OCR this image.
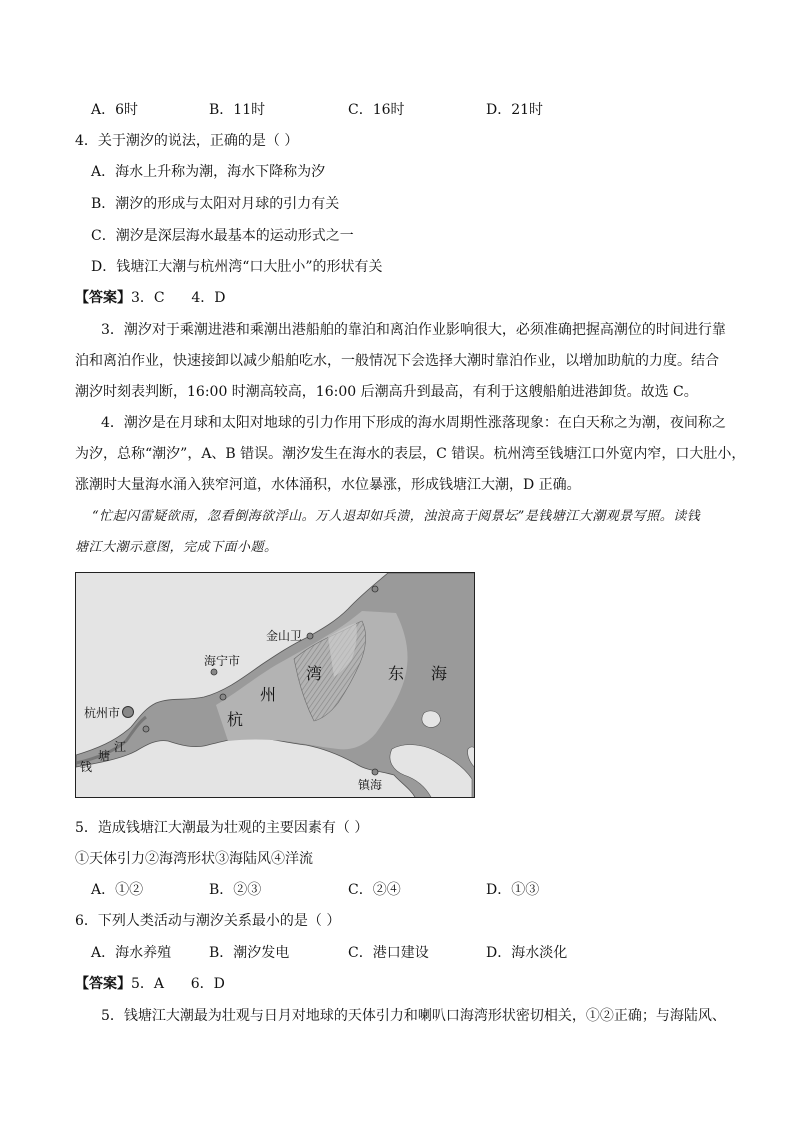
A．6时	B．11时	C．16时	D．21时
4．关于潮汐的说法，正确的是（ ）
A．海水上升称为潮，海水下降称为汐
B．潮汐的形成与太阳对月球的引力有关
C．潮汐是深层海水最基本的运动形式之一
D．钱塘江大潮与杭州湾“口大肚小”的形状有关
【答案】3．C      4．D
3．潮汐对于乘潮进港和乘潮出港船舶的靠泊和离泊作业影响很大，必须准确把握高潮位的时间进行靠
泊和离泊作业，快速接卸以减少船舶吃水，一般情况下会选择大潮时靠泊作业，以增加助航的力度。结合
潮汐时刻表判断，16:00 时潮高较高，16:00 后潮高升到最高，有利于这艘船舶进港卸货。故选 C。
4．潮汐是在月球和太阳对地球的引力作用下形成的海水周期性涨落现象：在白天称之为潮，夜间称之
为汐，总称“潮汐”，A、B 错误。潮汐发生在海水的表层，C 错误。杭州湾至钱塘江口外宽内窄，口大肚小，
涨潮时大量海水涌入狭窄河道，水体涌积，水位暴涨，形成钱塘江大潮，D 正确。
“忙起闪雷疑欲雨，忽看倒海欲浮山。万人退却如兵溃，浊浪高于阅景坛”是钱塘江大潮观景写照。读钱
塘江大潮示意图，完成下面小题。
金山卫
海宁市
杭州市
江
塘
钱
杭
州
湾	东 海
镇海
5．造成钱塘江大潮最为壮观的主要因素有（ ）
①天体引力②海湾形状③海陆风④洋流
A．①②	B．②③	C．②④	D．①③
6．下列人类活动与潮汐关系最小的是（ ）
A．海水养殖	B．潮汐发电	C．港口建设	D．海水淡化
【答案】5．A      6．D
5．钱塘江大潮最为壮观与日月对地球的天体引力和喇叭口海湾形状密切相关，①②正确；与海陆风、
